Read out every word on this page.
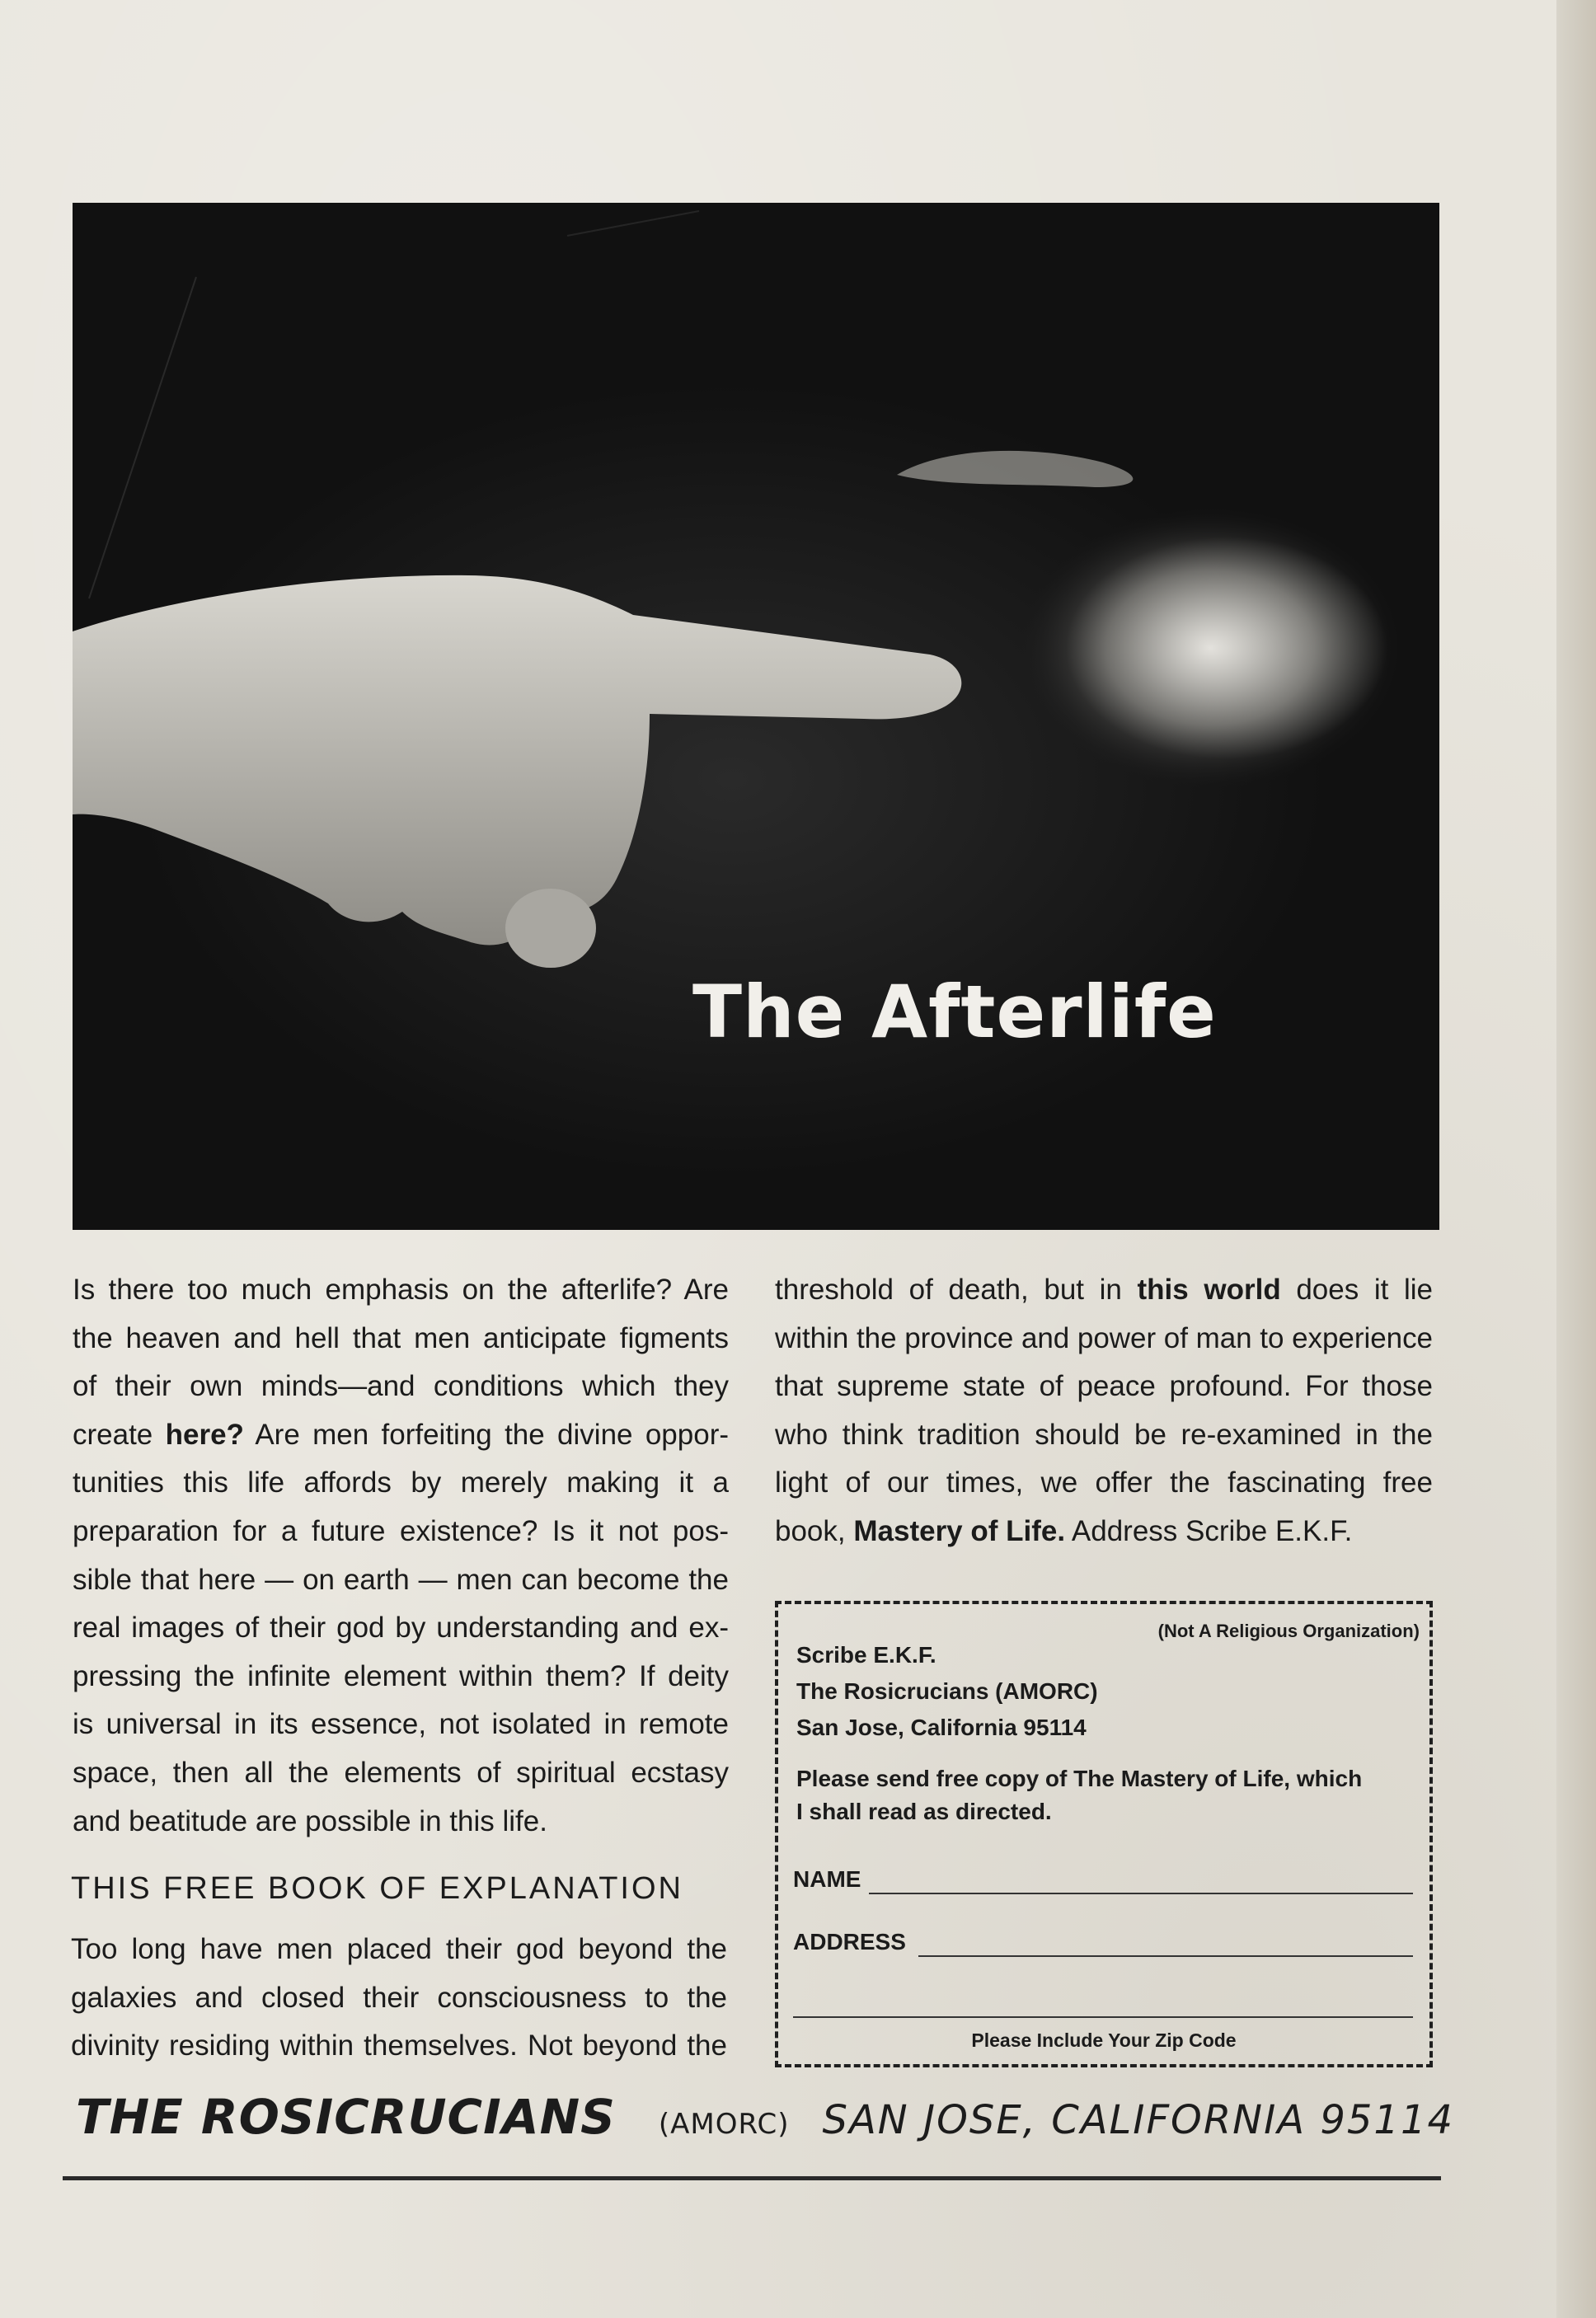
The Afterlife
Is there too much emphasis on the afterlife? Are
the heaven and hell that men anticipate figments
of their own minds—and conditions which they
create here? Are men forfeiting the divine oppor-
tunities this life affords by merely making it a
preparation for a future existence? Is it not pos-
sible that here — on earth — men can become the
real images of their god by understanding and ex-
pressing the infinite element within them? If deity
is universal in its essence, not isolated in remote
space, then all the elements of spiritual ecstasy
and beatitude are possible in this life.
THIS FREE BOOK OF EXPLANATION
Too long have men placed their god beyond the
galaxies and closed their consciousness to the
divinity residing within themselves. Not beyond the
threshold of death, but in this world does it lie
within the province and power of man to experience
that supreme state of peace profound. For those
who think tradition should be re-examined in the
light of our times, we offer the fascinating free
book, Mastery of Life. Address Scribe E.K.F.
(Not A Religious Organization)
Scribe E.K.F.
The Rosicrucians (AMORC)
San Jose, California 95114
Please send free copy of The Mastery of Life, which
I shall read as directed.
NAME
ADDRESS
Please Include Your Zip Code
THE ROSICRUCIANS (AMORC) SAN JOSE, CALIFORNIA 95114
